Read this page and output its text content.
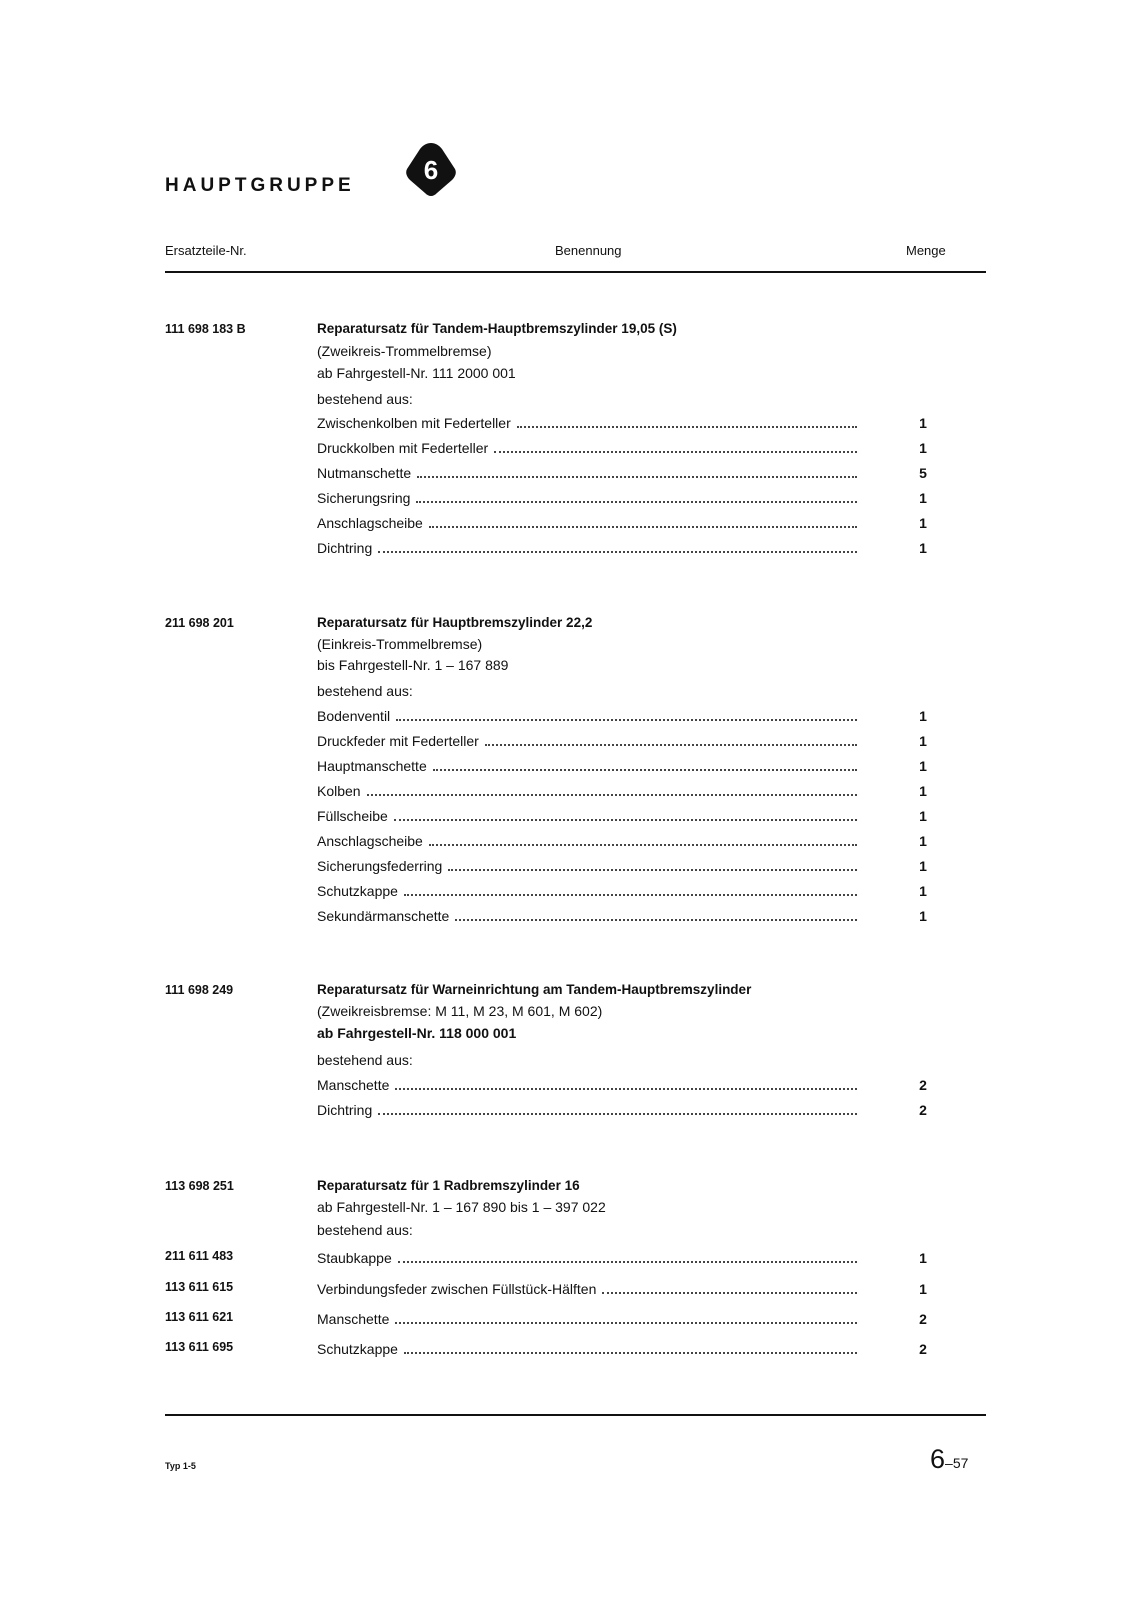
HAUPTGRUPPE
6
Ersatzteile-Nr.	Benennung	Menge
111 698 183 B	Reparatursatz für Tandem-Hauptbremszylinder 19,05 (S)
(Zweikreis-Trommelbremse)
ab Fahrgestell-Nr. 111 2000 001
bestehend aus:
Zwischenkolben mit Federteller	1
Druckkolben mit Federteller	1
Nutmanschette	5
Sicherungsring	1
Anschlagscheibe	1
Dichtring	1
211 698 201	Reparatursatz für Hauptbremszylinder 22,2
(Einkreis-Trommelbremse)
bis Fahrgestell-Nr. 1 – 167 889
bestehend aus:
Bodenventil	1
Druckfeder mit Federteller	1
Hauptmanschette	1
Kolben	1
Füllscheibe	1
Anschlagscheibe	1
Sicherungsfederring	1
Schutzkappe	1
Sekundärmanschette	1
111 698 249	Reparatursatz für Warneinrichtung am Tandem-Hauptbremszylinder
(Zweikreisbremse: M 11, M 23, M 601, M 602)
ab Fahrgestell-Nr. 118 000 001
bestehend aus:
Manschette	2
Dichtring	2
113 698 251	Reparatursatz für 1 Radbremszylinder 16
ab Fahrgestell-Nr. 1 – 167 890 bis 1 – 397 022
bestehend aus:
211 611 483	Staubkappe	1
113 611 615	Verbindungsfeder zwischen Füllstück-Hälften	1
113 611 621	Manschette	2
113 611 695	Schutzkappe	2
Typ 1-5	6–57
